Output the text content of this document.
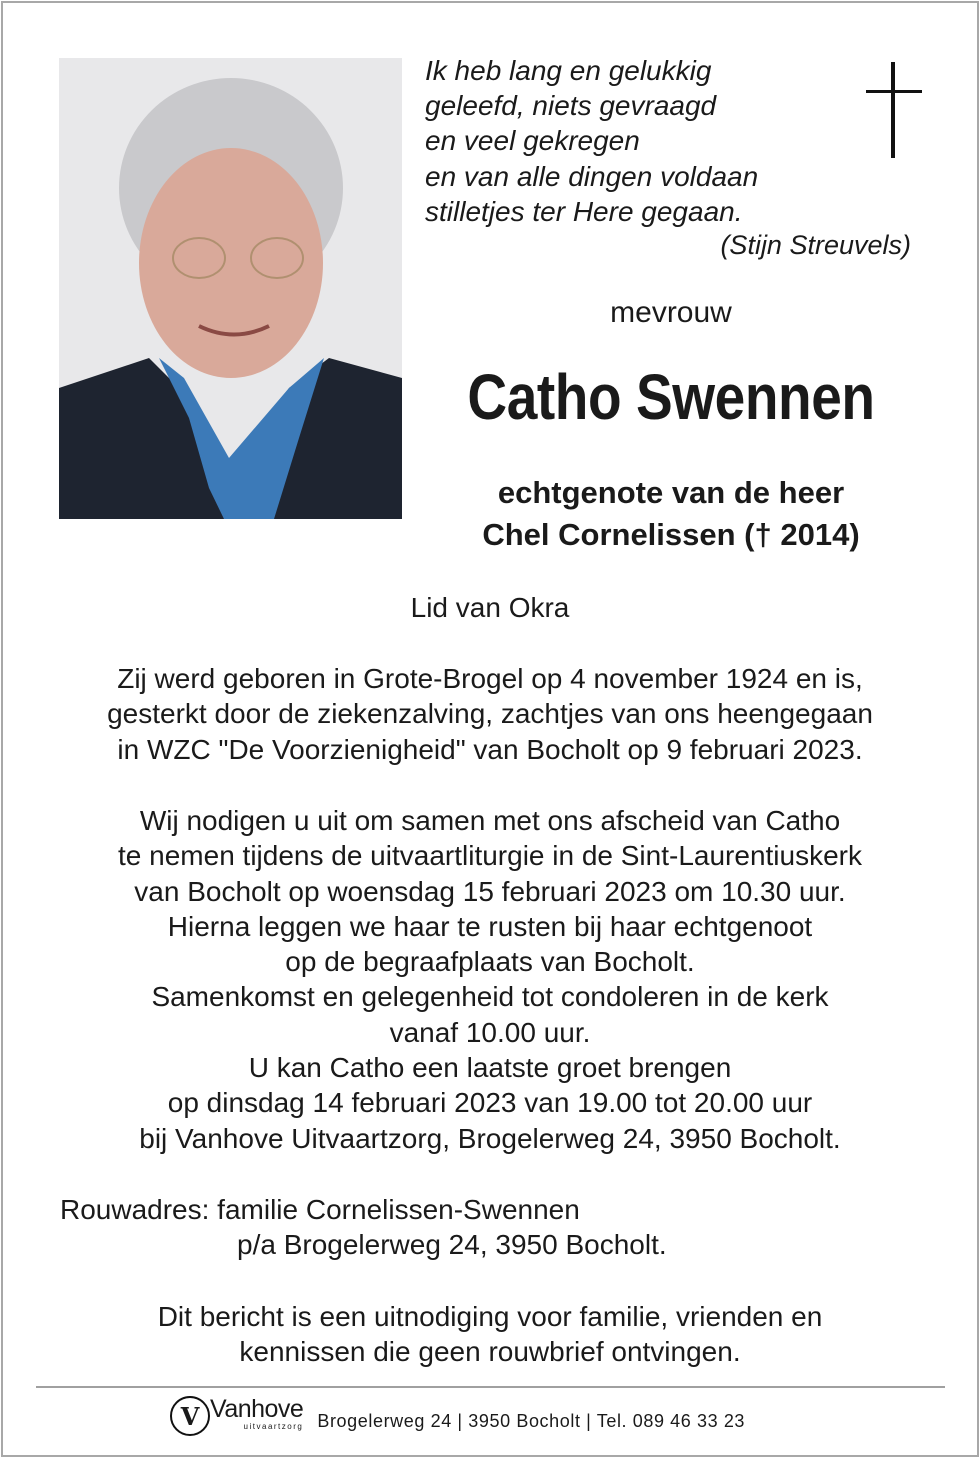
Ik heb lang en gelukkig
geleefd, niets gevraagd
en veel gekregen
en van alle dingen voldaan
stilletjes ter Here gegaan.
(Stijn Streuvels)
mevrouw
Catho Swennen
echtgenote van de heer
Chel Cornelissen († 2014)
Lid van Okra
Zij werd geboren in Grote-Brogel op 4 november 1924 en is,
gesterkt door de ziekenzalving, zachtjes van ons heengegaan
in WZC "De Voorzienigheid" van Bocholt op 9 februari 2023.
Wij nodigen u uit om samen met ons afscheid van Catho
te nemen tijdens de uitvaartliturgie in de Sint-Laurentiuskerk
van Bocholt op woensdag 15 februari 2023 om 10.30 uur.
Hierna leggen we haar te rusten bij haar echtgenoot
op de begraafplaats van Bocholt.
Samenkomst en gelegenheid tot condoleren in de kerk
vanaf 10.00 uur.
U kan Catho een laatste groet brengen
op dinsdag 14 februari 2023 van 19.00 tot 20.00 uur
bij Vanhove Uitvaartzorg, Brogelerweg 24, 3950 Bocholt.
Rouwadres: familie Cornelissen-Swennen
p/a Brogelerweg 24, 3950 Bocholt.
Dit bericht is een uitnodiging voor familie, vrienden en
kennissen die geen rouwbrief ontvingen.
V Vanhove
uitvaartzorg Brogelerweg 24 | 3950 Bocholt | Tel. 089 46 33 23
